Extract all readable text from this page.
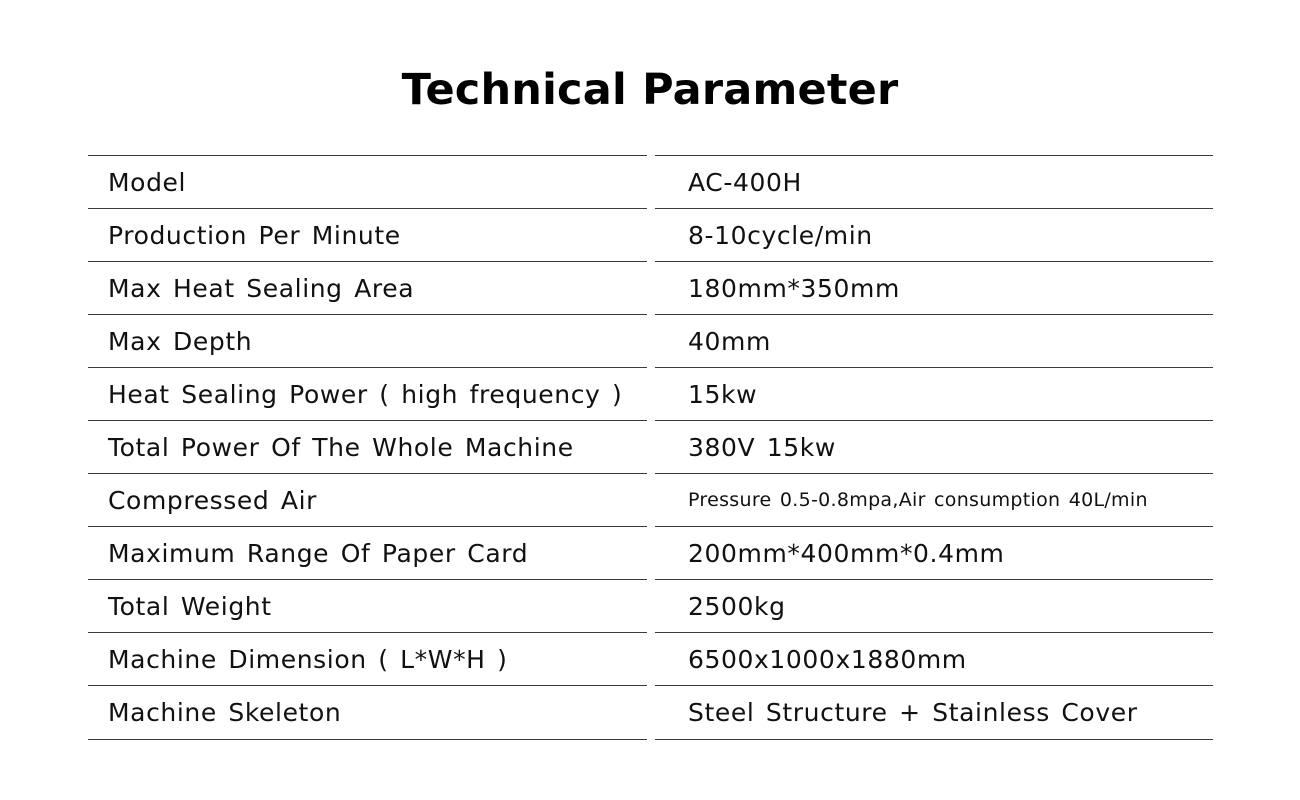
Technical Parameter
Model	AC-400H
Production Per Minute	8-10cycle/min
Max Heat Sealing Area	180mm*350mm
Max Depth	40mm
Heat Sealing Power ( high frequency )	15kw
Total Power Of The Whole Machine	380V 15kw
Compressed Air	Pressure 0.5-0.8mpa,Air consumption 40L/min
Maximum Range Of Paper Card	200mm*400mm*0.4mm
Total Weight	2500kg
Machine Dimension ( L*W*H )	6500x1000x1880mm
Machine Skeleton	Steel Structure + Stainless Cover
